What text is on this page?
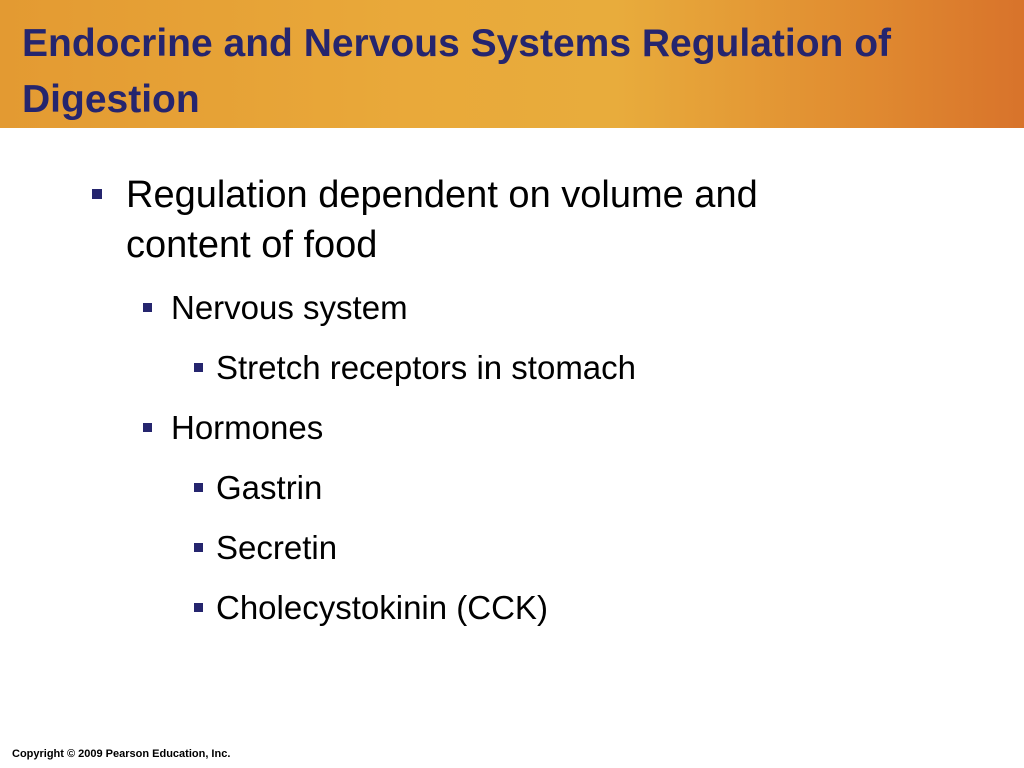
Endocrine and Nervous Systems Regulation of Digestion
Regulation dependent on volume and content of food
Nervous system
Stretch receptors in stomach
Hormones
Gastrin
Secretin
Cholecystokinin (CCK)
Copyright © 2009 Pearson Education, Inc.
